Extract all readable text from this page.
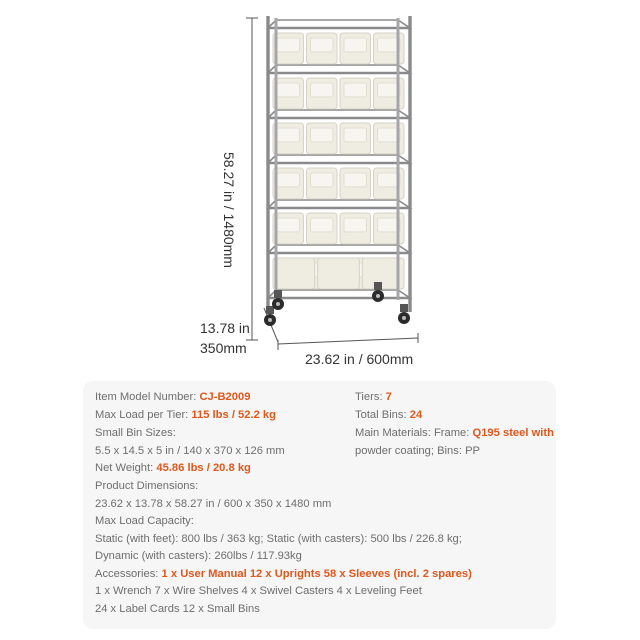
58.27 in / 1480mm
13.78 in
350mm
23.62 in / 600mm
Item Model Number: CJ-B2009
Max Load per Tier: 115 lbs / 52.2 kg
Small Bin Sizes:
5.5 x 14.5 x 5 in / 140 x 370 x 126 mm
Net Weight: 45.86 lbs / 20.8 kg
Product Dimensions:
23.62 x 13.78 x 58.27 in / 600 x 350 x 1480 mm
Max Load Capacity:
Static (with feet): 800 lbs / 363 kg; Static (with casters): 500 lbs / 226.8 kg;
Dynamic (with casters): 260lbs / 117.93kg
Accessories: 1 x User Manual 12 x Uprights 58 x Sleeves (incl. 2 spares)
1 x Wrench 7 x Wire Shelves 4 x Swivel Casters 4 x Leveling Feet
24 x Label Cards 12 x Small Bins
Tiers: 7
Total Bins: 24
Main Materials: Frame: Q195 steel with
powder coating; Bins: PP
